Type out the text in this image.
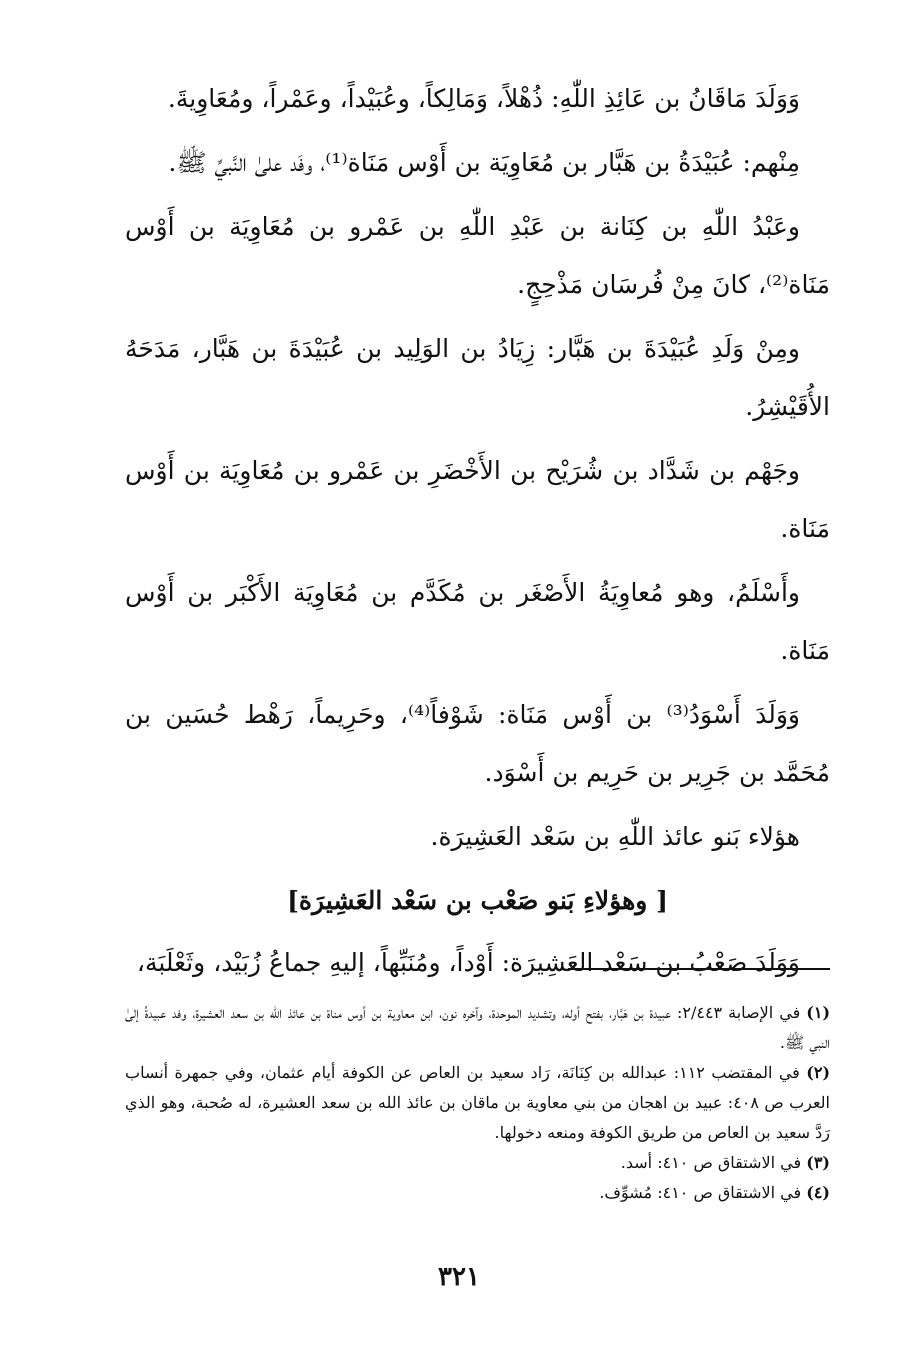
وَوَلَدَ مَاقَانُ بن عَائِذِ اللّٰهِ: ذُهْلاً، وَمَالِكاً، وعُبَيْداً، وعَمْراً، ومُعَاوِيةَ.

مِنْهم: عُبَيْدَةُ بن هَبَّار بن مُعَاوِيَة بن أَوْس مَنَاة⁽¹⁾، وفَد علىٰ النَّبيِّ ﷺ.

وعَبْدُ اللّٰهِ بن كِنَانة بن عَبْدِ اللّٰهِ بن عَمْرو بن مُعَاوِيَة بن أَوْس مَنَاة⁽²⁾، كانَ مِنْ فُرسَان مَذْحِجٍ.

ومِنْ وَلَدِ عُبَيْدَةَ بن هَبَّار: زِيَادُ بن الوَلِيد بن عُبَيْدَةَ بن هَبَّار، مَدَحَهُ الأُقَيْشِرُ.

وجَهْم بن شَدَّاد بن شُرَيْح بن الأَخْضَرِ بن عَمْرو بن مُعَاوِيَة بن أَوْس مَنَاة.

وأَسْلَمُ، وهو مُعاوِيَةُ الأَصْغَر بن مُكَدَّم بن مُعَاوِيَة الأَكْبَر بن أَوْس مَنَاة.

وَوَلَدَ أَسْوَدُ⁽³⁾ بن أَوْس مَنَاة: شَوْفاً⁽⁴⁾، وحَرِيماً، رَهْط حُسَين بن مُحَمَّد بن جَرِير بن حَرِيم بن أَسْوَد.

هؤلاء بَنو عائذ اللّٰهِ بن سَعْد العَشِيرَة.

[ وهؤلاءِ بَنو صَعْب بن سَعْد العَشِيرَة]

وَوَلَدَ صَعْبُ بن سَعْد العَشِيرَة: أَوْداً، ومُنَبِّهاً، إليهِ جماعُ زُبَيْد، وثَعْلَبَة،

(١) في الإصابة ٢/٤٤٣: عبيدة بن هَبَّار، بفتح أوله، وتشديد الموحدة، وآخره نون، ابن معاوية بن أوس مناة بن عائذ الله بن سعد العشيرة، وفد عبيدةُ إلىٰ النبي ﷺ.

(٢) في المقتضب ١١٢: عبدالله بن كِنَانَة، رَاد سعيد بن العاص عن الكوفة أيام عثمان، وفي جمهرة أنساب العرب ص ٤٠٨: عبيد بن اهجان من بني معاوية بن ماقان بن عائذ الله بن سعد العشيرة، له صُحبة، وهو الذي رَدَّ سعيد بن العاص من طريق الكوفة ومنعه دخولها.

(٣) في الاشتقاق ص ٤١٠: أسد.

(٤) في الاشتقاق ص ٤١٠: مُشوِّف.

٣٢١
